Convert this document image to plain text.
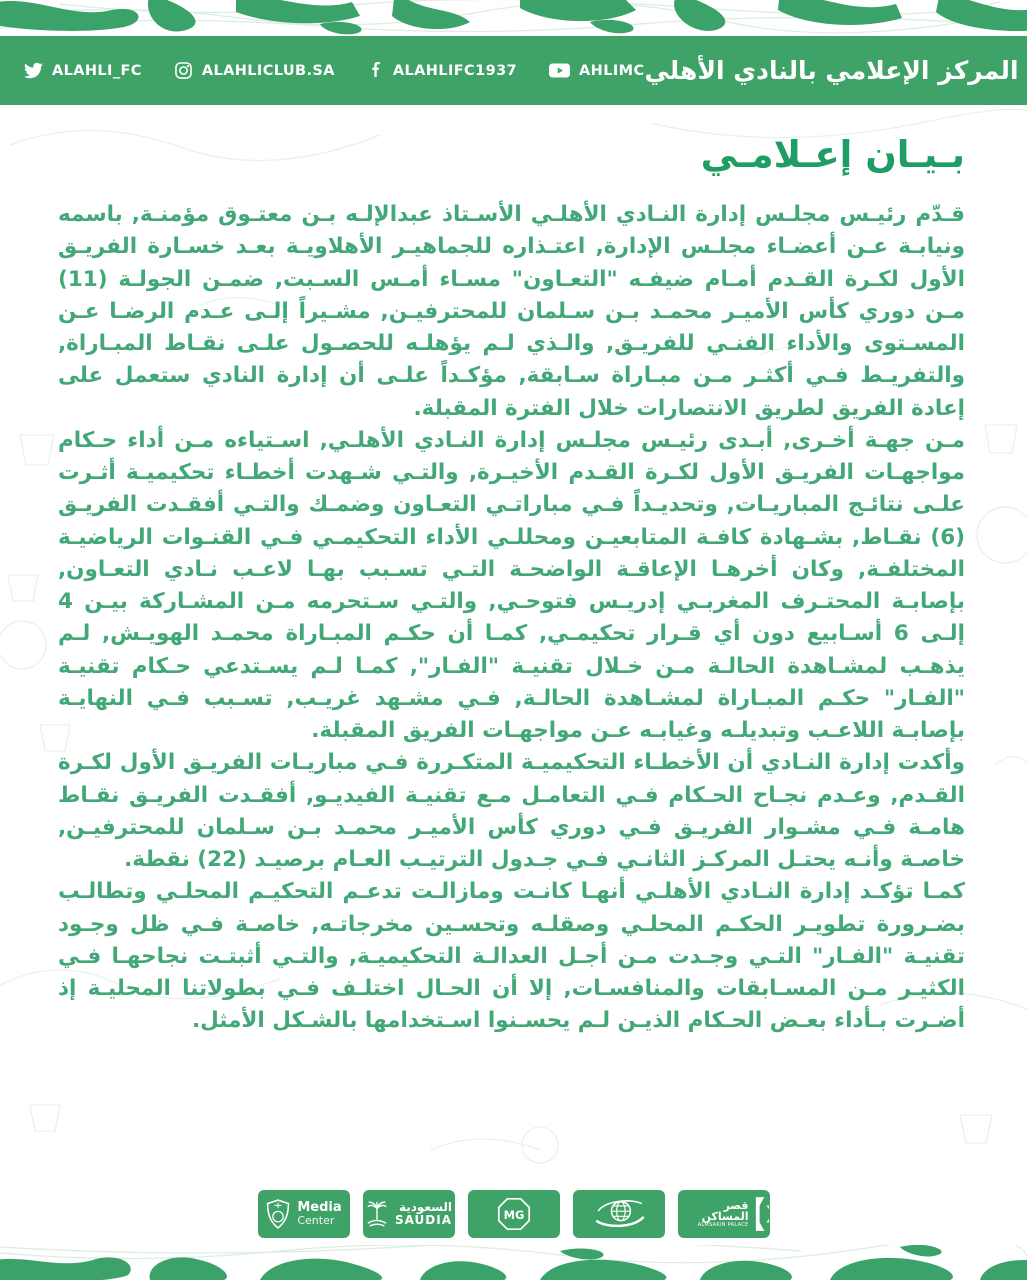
ALAHLI_FC	ALAHLICLUB.SA	ALAHLIFC1937	AHLIMC المركز الإعلامي بالنادي الأهلي
بـيـان إعـلامـي

قـدّم رئيـس مجلـس إدارة النـادي الأهلـي الأسـتاذ عبدالإلـه بـن معتـوق مؤمنـة, باسمه ونيابـة عـن أعضـاء مجلـس الإدارة, اعتـذاره للجماهيـر الأهلاويـة بعـد خسـارة الفريـق الأول لكـرة القـدم أمـام ضيفـه "التعـاون" مسـاء أمـس السـبت, ضمـن الجولـة (11) مـن دوري كأس الأميـر محمـد بـن سـلمان للمحترفيـن, مشـيراً إلـى عـدم الرضـا عـن المسـتوى والأداء الفنـي للفريـق, والـذي لـم يؤهلـه للحصـول علـى نقـاط المبـاراة, والتفريـط فـي أكثـر مـن مبـاراة سـابقة, مؤكـداً علـى أن إدارة النادي ستعمل على إعادة الفريق لطريق الانتصارات خلال الفترة المقبلة.

مـن جهـة أخـرى, أبـدى رئيـس مجلـس إدارة النـادي الأهلـي, اسـتياءه مـن أداء حـكام مواجهـات الفريـق الأول لكـرة القـدم الأخيـرة, والتـي شـهدت أخطـاء تحكيميـة أثـرت علـى نتائـج المباريـات, وتحديـداً فـي مباراتـي التعـاون وضمـك والتـي أفقـدت الفريـق (6) نقـاط, بشـهادة كافـة المتابعيـن ومحللـي الأداء التحكيمـي فـي القنـوات الرياضيـة المختلفـة, وكان أخرهـا الإعاقـة الواضحـة التـي تسـبب بهـا لاعـب نـادي التعـاون, بإصابـة المحتـرف المغربـي إدريـس فتوحـي, والتـي سـتحرمه مـن المشـاركة بيـن 4 إلـى 6 أسـابيع دون أي قـرار تحكيمـي, كمـا أن حكـم المبـاراة محمـد الهويـش, لـم يذهـب لمشـاهدة الحالـة مـن خـلال تقنيـة "الفـار", كمـا لـم يسـتدعي حـكام تقنيـة "الفـار" حكـم المبـاراة لمشـاهدة الحالـة, فـي مشـهد غريـب, تسـبب فـي النهايـة بإصابـة اللاعـب وتبديلـه وغيابـه عـن مواجهـات الفريق المقبلة.

وأكدت إدارة النـادي أن الأخطـاء التحكيميـة المتكـررة فـي مباريـات الفريـق الأول لكـرة القـدم, وعـدم نجـاح الحـكام فـي التعامـل مـع تقنيـة الفيديـو, أفقـدت الفريـق نقـاط هامـة فـي مشـوار الفريـق فـي دوري كأس الأميـر محمـد بـن سـلمان للمحترفيـن, خاصـة وأنـه يحتـل المركـز الثانـي فـي جـدول الترتيـب العـام برصيـد (22) نقطة.

كمـا تؤكـد إدارة النـادي الأهلـي أنهـا كانـت ومازالـت تدعـم التحكيـم المحلـي وتطالـب بضـرورة تطويـر الحكـم المحلـي وصقلـه وتحسـين مخرجاتـه, خاصـة فـي ظل وجـود تقنيـة "الفـار" التـي وجـدت مـن أجـل العدالـة التحكيميـة, والتـي أثبتـت نجاحهـا فـي الكثيـر مـن المسـابقات والمنافسـات, إلا أن الحـال اختلـف فـي بطولاتنا المحليـة إذ أضـرت بـأداء بعـض الحـكام الذيـن لـم يحسـنوا اسـتخدامها بالشـكل الأمثل.

Media
Center
السعودية
SAUDIA	MG
قصر المساكن
ALMSAKIN PALACE
